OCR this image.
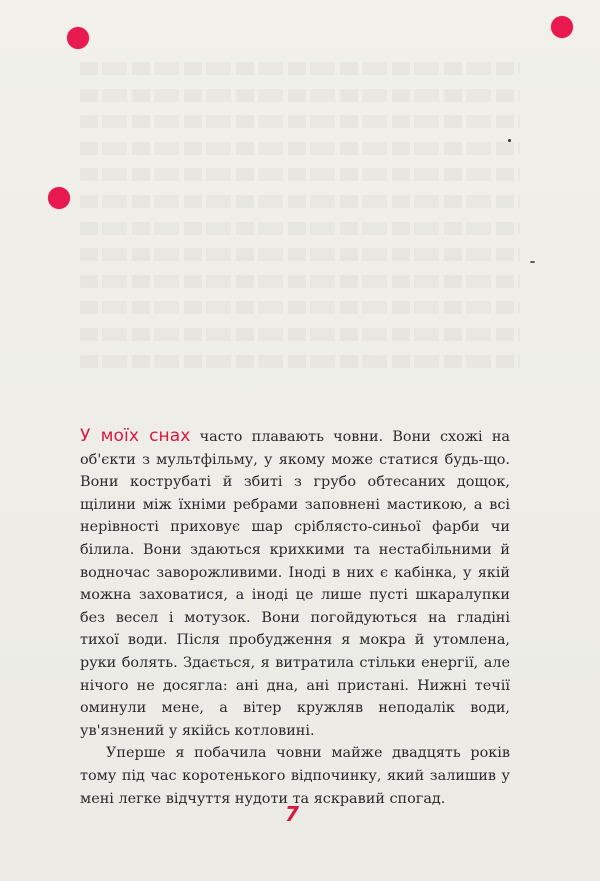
У моїх снах часто плавають човни. Вони схожі на об'єкти з мультфільму, у якому може статися будь-що. Вони кострубаті й збиті з грубо обтесаних дощок, щілини між їхніми ребрами заповнені мастикою, а всі нерівності приховує шар сріблясто-синьої фарби чи білила. Вони здаються крихкими та нестабільними й водночас заворожливими. Іноді в них є кабінка, у якій можна заховатися, а іноді це лише пусті шкаралупки без весел і мотузок. Вони погойдуються на гладіні тихої води. Після пробудження я мокра й утомлена, руки болять. Здається, я витратила стільки енергії, але нічого не досягла: ані дна, ані пристані. Нижні течії оминули мене, а вітер кружляв неподалік води, ув'язнений у якійсь котловині.

Уперше я побачила човни майже двадцять років тому під час коротенького відпочинку, який залишив у мені легке відчуття нудоти та яскравий спогад.

7
